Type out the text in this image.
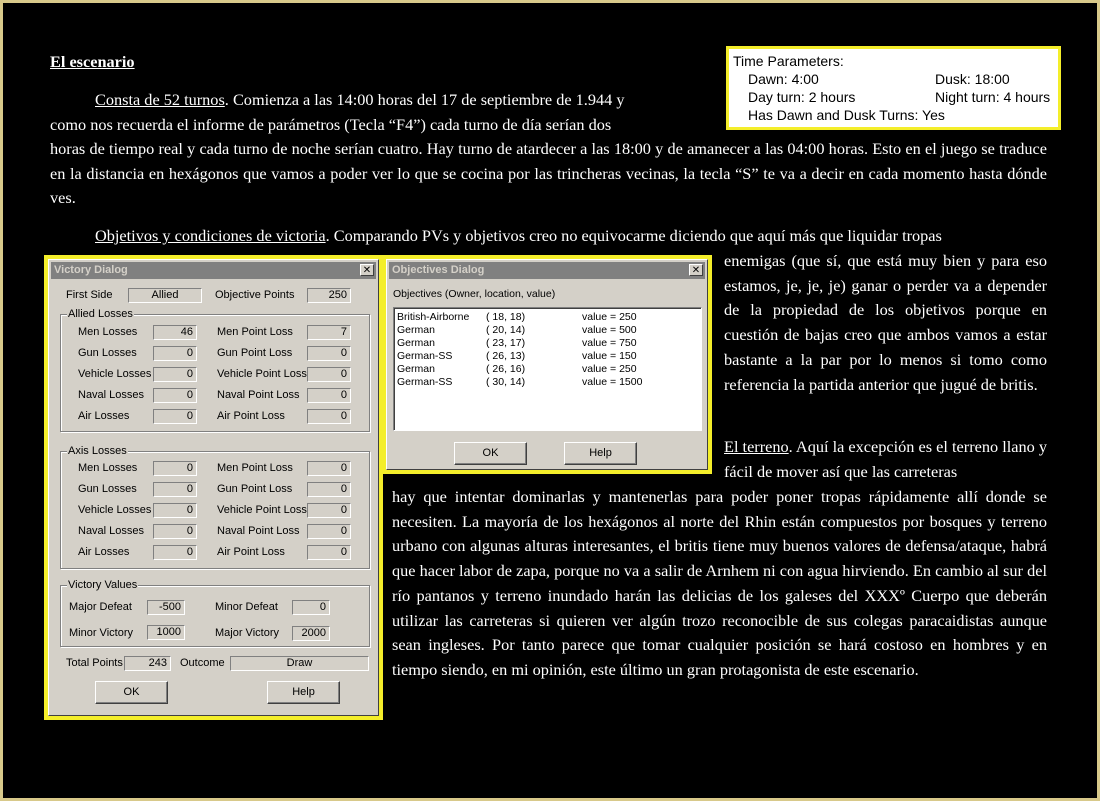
El escenario
Consta de 52 turnos. Comienza a las 14:00 horas del 17 de septiembre de 1.944 y
como nos recuerda el informe de parámetros (Tecla “F4”) cada turno de día serían dos
horas de tiempo real y cada turno de noche serían cuatro. Hay turno de atardecer a las 18:00 y de amanecer a las 04:00 horas. Esto en el juego se traduce en la distancia en hexágonos que vamos a poder ver lo que se cocina por las trincheras vecinas, la tecla “S” te va a decir en cada momento hasta dónde ves.
Objetivos y condiciones de victoria. Comparando PVs y objetivos creo no equivocarme diciendo que aquí más que liquidar tropas
enemigas (que sí, que está muy bien y para eso estamos, je, je, je) ganar o perder va a depender de la propiedad de los objetivos porque en cuestión de bajas creo que ambos vamos a estar bastante a la par por lo menos si tomo como referencia la partida anterior que jugué de britis.
El terreno. Aquí la excepción es el terreno llano y fácil de mover así que las carreteras
hay que intentar dominarlas y mantenerlas para poder poner tropas rápidamente allí donde se necesiten. La mayoría de los hexágonos al norte del Rhin están compuestos por bosques y terreno urbano con algunas alturas interesantes, el britis tiene muy buenos valores de defensa/ataque, habrá que hacer labor de zapa, porque no va a salir de Arnhem ni con agua hirviendo. En cambio al sur del río pantanos y terreno inundado harán las delicias de los galeses del XXXº Cuerpo que deberán utilizar las carreteras si quieren ver algún trozo reconocible de sus colegas paracaidistas aunque sean ingleses. Por tanto parece que tomar cualquier posición se hará costoso en hombres y en tiempo siendo, en mi opinión, este último un gran protagonista de este escenario.
Time Parameters:
Dawn: 4:00	Dusk: 18:00
Day turn: 2 hours	Night turn: 4 hours
Has Dawn and Dusk Turns: Yes
Victory Dialog	✕
First Side	Allied	Objective Points	250
Allied Losses
Men Losses	46	Men Point Loss	7
Gun Losses	0	Gun Point Loss	0
Vehicle Losses	0	Vehicle Point Loss	0
Naval Losses	0	Naval Point Loss	0
Air Losses	0	Air Point Loss	0
Axis Losses
Men Losses	0	Men Point Loss	0
Gun Losses	0	Gun Point Loss	0
Vehicle Losses	0	Vehicle Point Loss	0
Naval Losses	0	Naval Point Loss	0
Air Losses	0	Air Point Loss	0
Victory Values
Major Defeat	-500	Minor Defeat	0
Minor Victory	1000	Major Victory	2000
Total Points	243	Outcome	Draw
OK	Help
Objectives Dialog	✕
Objectives (Owner, location, value)
British-Airborne ( 18, 18)	value = 250
German	( 20, 14)	value = 500
German	( 23, 17)	value = 750
German-SS	( 26, 13)	value = 150
German	( 26, 16)	value = 250
German-SS	( 30, 14)	value = 1500
OK	Help
